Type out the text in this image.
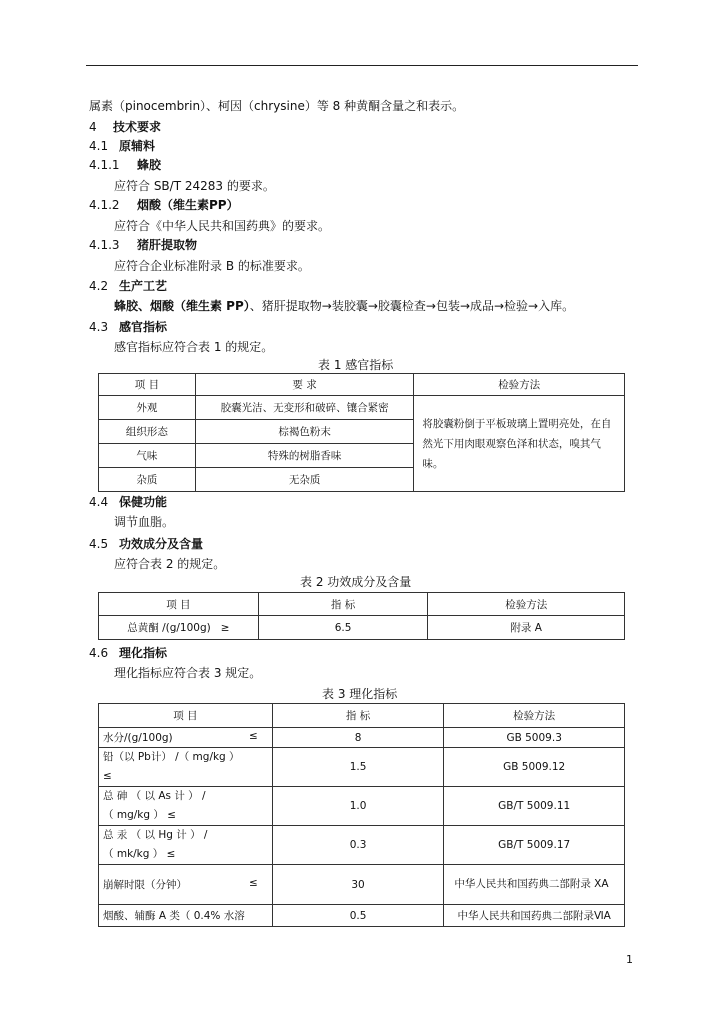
属素（pinocembrin）、柯因（chrysine）等 8 种黄酮含量之和表示。
4 技术要求
4.1 原辅料
4.1.1 蜂胶
应符合 SB/T 24283 的要求。
4.1.2 烟酸（维生素PP）
应符合《中华人民共和国药典》的要求。
4.1.3 猪肝提取物
应符合企业标准附录 B 的标准要求。
4.2 生产工艺
蜂胶、烟酸（维生素 PP）、猪肝提取物→装胶囊→胶囊检查→包装→成品→检验→入库。
4.3 感官指标
感官指标应符合表 1 的规定。
表 1 感官指标
项 目	要 求	检验方法
外观	胶囊光洁、无变形和破碎、镶合紧密	将胶囊粉倒于平板玻璃上置明亮处，在自然光下用肉眼观察色泽和状态，嗅其气味。
组织形态	棕褐色粉末	
气味	特殊的树脂香味	
杂质	无杂质	
4.4 保健功能
调节血脂。
4.5 功效成分及含量
应符合表 2 的规定。
表 2 功效成分及含量
项 目	指 标	检验方法
总黄酮 /(g/100g) ≥	6.5	附录 A
4.6 理化指标
理化指标应符合表 3 规定。
表 3 理化指标
项 目	指 标	检验方法

水分/(g/100g) ≤	8	GB 5009.3

铅（以 Pb计） /（ mg/kg ）
≤	1.5	GB 5009.12

总 砷 （ 以 As 计 ） /
（ mg/kg ） ≤	1.0	GB/T 5009.11

总 汞 （ 以 Hg 计 ） /
（ mk/kg ） ≤	0.3	GB/T 5009.17

崩解时限（分钟） ≤	30	中华人民共和国药典二部附录 XA
烟酸、辅酶 A 类（ 0.4% 水溶	0.5	中华人民共和国药典二部附录ⅥA
1
